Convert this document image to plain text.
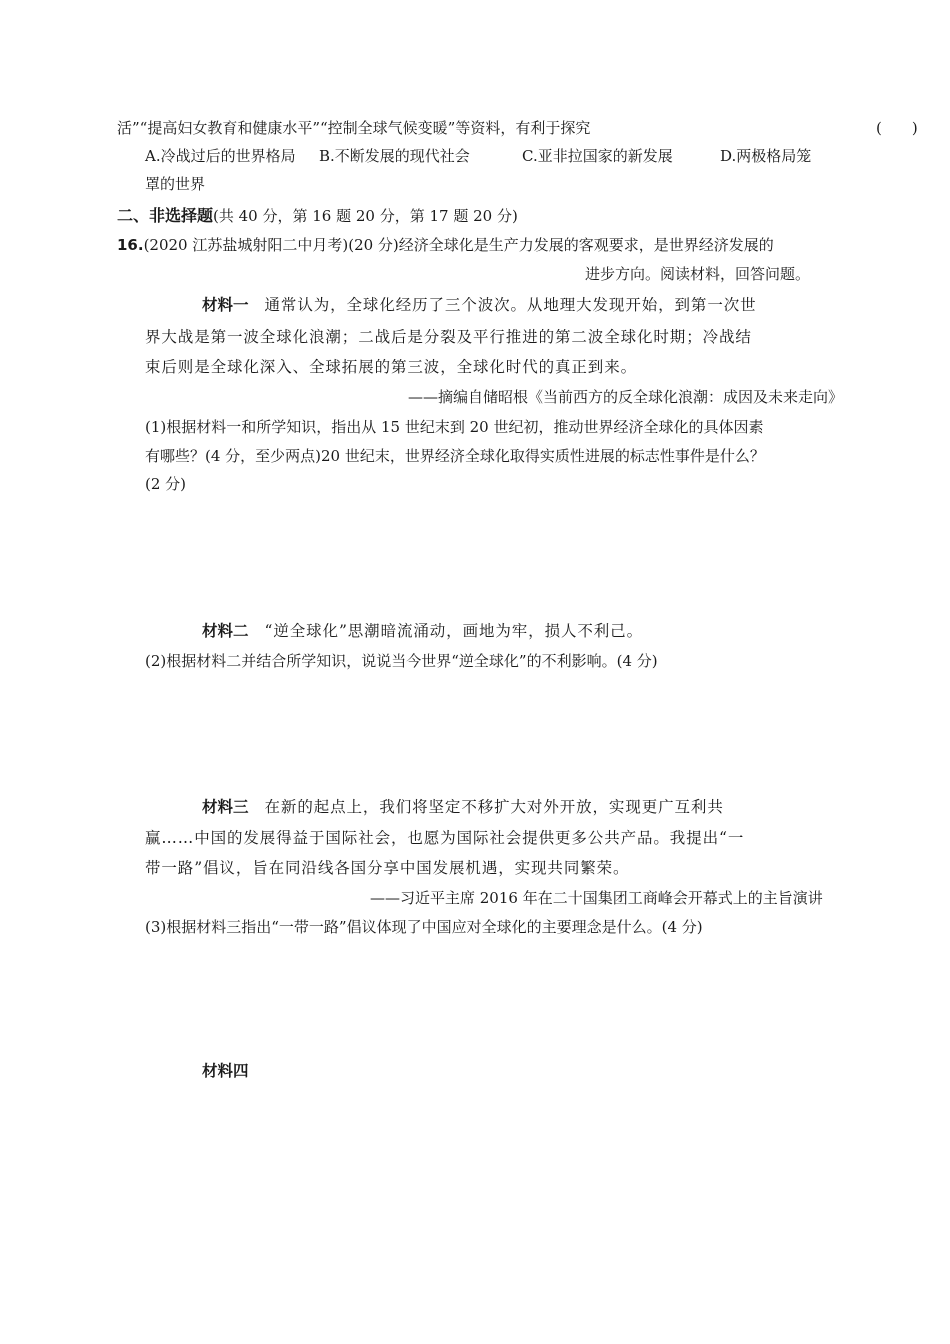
活”“提高妇女教育和健康水平”“控制全球气候变暖”等资料，有利于探究	(　　)
A.冷战过后的世界格局 B.不断发展的现代社会	C.亚非拉国家的新发展	D.两极格局笼
罩的世界
二、非选择题(共 40 分，第 16 题 20 分，第 17 题 20 分)
16.(2020 江苏盐城射阳二中月考)(20 分)经济全球化是生产力发展的客观要求，是世界经济发展的
进步方向。阅读材料，回答问题。
材料一 通常认为，全球化经历了三个波次。从地理大发现开始，到第一次世
界大战是第一波全球化浪潮；二战后是分裂及平行推进的第二波全球化时期；冷战结
束后则是全球化深入、全球拓展的第三波，全球化时代的真正到来。
——摘编自储昭根《当前西方的反全球化浪潮：成因及未来走向》
(1)根据材料一和所学知识，指出从 15 世纪末到 20 世纪初，推动世界经济全球化的具体因素
有哪些？(4 分，至少两点)20 世纪末，世界经济全球化取得实质性进展的标志性事件是什么？
(2 分)
材料二 “逆全球化”思潮暗流涌动，画地为牢，损人不利己。
(2)根据材料二并结合所学知识，说说当今世界“逆全球化”的不利影响。(4 分)
材料三 在新的起点上，我们将坚定不移扩大对外开放，实现更广互利共
赢……中国的发展得益于国际社会，也愿为国际社会提供更多公共产品。我提出“一
带一路”倡议，旨在同沿线各国分享中国发展机遇，实现共同繁荣。
——习近平主席 2016 年在二十国集团工商峰会开幕式上的主旨演讲
(3)根据材料三指出“一带一路”倡议体现了中国应对全球化的主要理念是什么。(4 分)
材料四
